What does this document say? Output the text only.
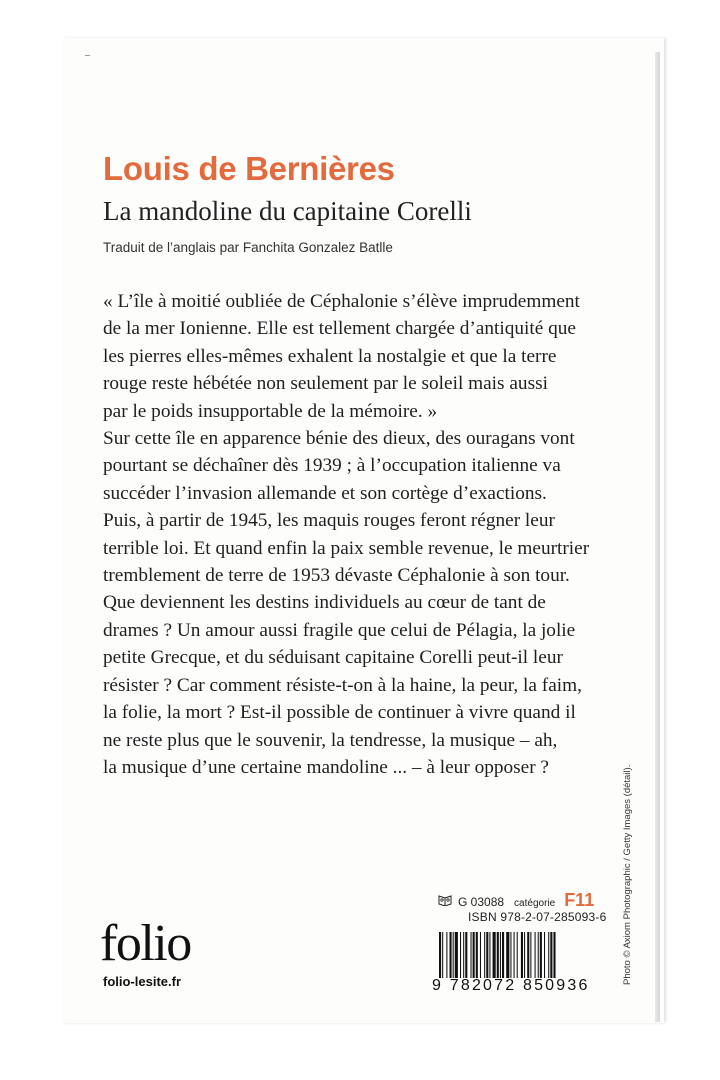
Louis de Bernières
La mandoline du capitaine Corelli

Traduit de l’anglais par Fanchita Gonzalez Batlle

« L’île à moitié oubliée de Céphalonie s’élève imprudemment
de la mer Ionienne. Elle est tellement chargée d’antiquité que
les pierres elles-mêmes exhalent la nostalgie et que la terre
rouge reste hébétée non seulement par le soleil mais aussi
par le poids insupportable de la mémoire. »
Sur cette île en apparence bénie des dieux, des ouragans vont
pourtant se déchaîner dès 1939 ; à l’occupation italienne va
succéder l’invasion allemande et son cortège d’exactions.
Puis, à partir de 1945, les maquis rouges feront régner leur
terrible loi. Et quand enfin la paix semble revenue, le meurtrier
tremblement de terre de 1953 dévaste Céphalonie à son tour.
Que deviennent les destins individuels au cœur de tant de
drames ? Un amour aussi fragile que celui de Pélagia, la jolie
petite Grecque, et du séduisant capitaine Corelli peut-il leur
résister ? Car comment résiste-t-on à la haine, la peur, la faim,
la folie, la mort ? Est-il possible de continuer à vivre quand il
ne reste plus que le souvenir, la tendresse, la musique – ah,
la musique d’une certaine mandoline ... – à leur opposer ?
G 03088 catégorie F11
ISBN 978-2-07-285093-6
9 782072 850936
folio

folio-lesite.fr	Photo © Axiom Photographic / Getty Images (détail).
